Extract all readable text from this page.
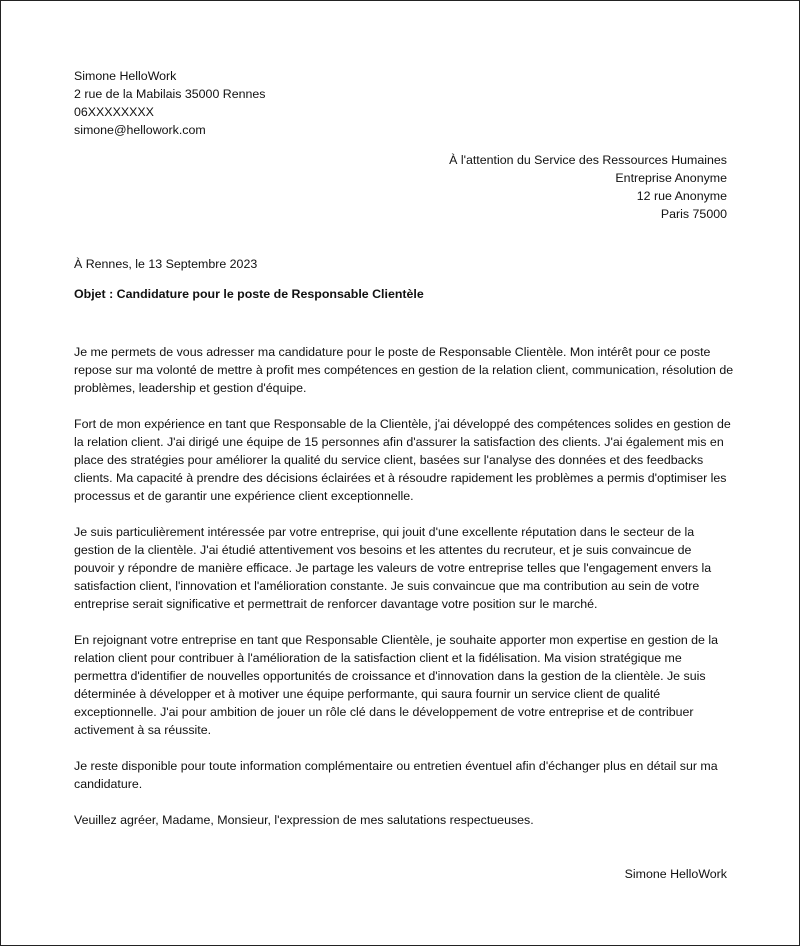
Simone HelloWork
2 rue de la Mabilais 35000 Rennes
06XXXXXXXX
simone@hellowork.com
À l'attention du Service des Ressources Humaines
Entreprise Anonyme
12 rue Anonyme
Paris 75000
À Rennes, le 13 Septembre 2023
Objet : Candidature pour le poste de Responsable Clientèle

Je me permets de vous adresser ma candidature pour le poste de Responsable Clientèle. Mon intérêt pour ce poste repose sur ma volonté de mettre à profit mes compétences en gestion de la relation client, communication, résolution de problèmes, leadership et gestion d'équipe.

Fort de mon expérience en tant que Responsable de la Clientèle, j'ai développé des compétences solides en gestion de la relation client. J'ai dirigé une équipe de 15 personnes afin d'assurer la satisfaction des clients. J'ai également mis en place des stratégies pour améliorer la qualité du service client, basées sur l'analyse des données et des feedbacks clients. Ma capacité à prendre des décisions éclairées et à résoudre rapidement les problèmes a permis d'optimiser les processus et de garantir une expérience client exceptionnelle.

Je suis particulièrement intéressée par votre entreprise, qui jouit d'une excellente réputation dans le secteur de la gestion de la clientèle. J'ai étudié attentivement vos besoins et les attentes du recruteur, et je suis convaincue de pouvoir y répondre de manière efficace. Je partage les valeurs de votre entreprise telles que l'engagement envers la satisfaction client, l'innovation et l'amélioration constante. Je suis convaincue que ma contribution au sein de votre entreprise serait significative et permettrait de renforcer davantage votre position sur le marché.

En rejoignant votre entreprise en tant que Responsable Clientèle, je souhaite apporter mon expertise en gestion de la relation client pour contribuer à l'amélioration de la satisfaction client et la fidélisation. Ma vision stratégique me permettra d'identifier de nouvelles opportunités de croissance et d'innovation dans la gestion de la clientèle. Je suis déterminée à développer et à motiver une équipe performante, qui saura fournir un service client de qualité exceptionnelle. J'ai pour ambition de jouer un rôle clé dans le développement de votre entreprise et de contribuer activement à sa réussite.

Je reste disponible pour toute information complémentaire ou entretien éventuel afin d'échanger plus en détail sur ma candidature.

Veuillez agréer, Madame, Monsieur, l'expression de mes salutations respectueuses.

Simone HelloWork
